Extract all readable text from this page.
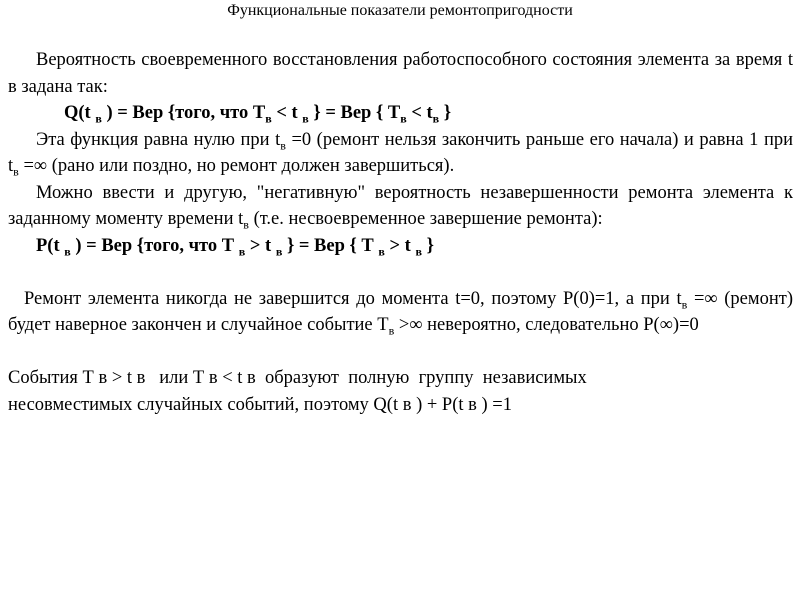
Функциональные показатели ремонтопригодности

Вероятность своевременного восстановления работоспособного состояния элемента за время t в задана так:

Q(t $_в$ ) = Вер {того, что $Т_в < t$ $_в$ } = Вер { $Т_в < t_в$ }

Эта функция равна нулю при $t_в =0$ (ремонт нельзя закончить раньше его начала) и равна 1 при $t_в$ =∞ (рано или поздно, но ремонт должен завершиться).

Можно ввести и другую, "негативную" вероятность незавершенности ремонта элемента к заданному моменту времени $t_в$ (т.е. несвоевременное завершение ремонта):

P(t $_в$ ) = Вер {того, что Т $_в$ > t $_в$ } = Вер { Т $_в$ > t $_в$ }

Ремонт элемента никогда не завершится до момента t=0, поэтому P(0)=1, а при $t_в$ =∞ (ремонт) будет наверное закончен и случайное событие $Т_в$ >∞ невероятно, следовательно P(∞)=0

События Т в > t в   или Т в < t в  образуют  полную  группу  независимых
несовместимых случайных событий, поэтому Q(t в ) + P(t в ) =1
